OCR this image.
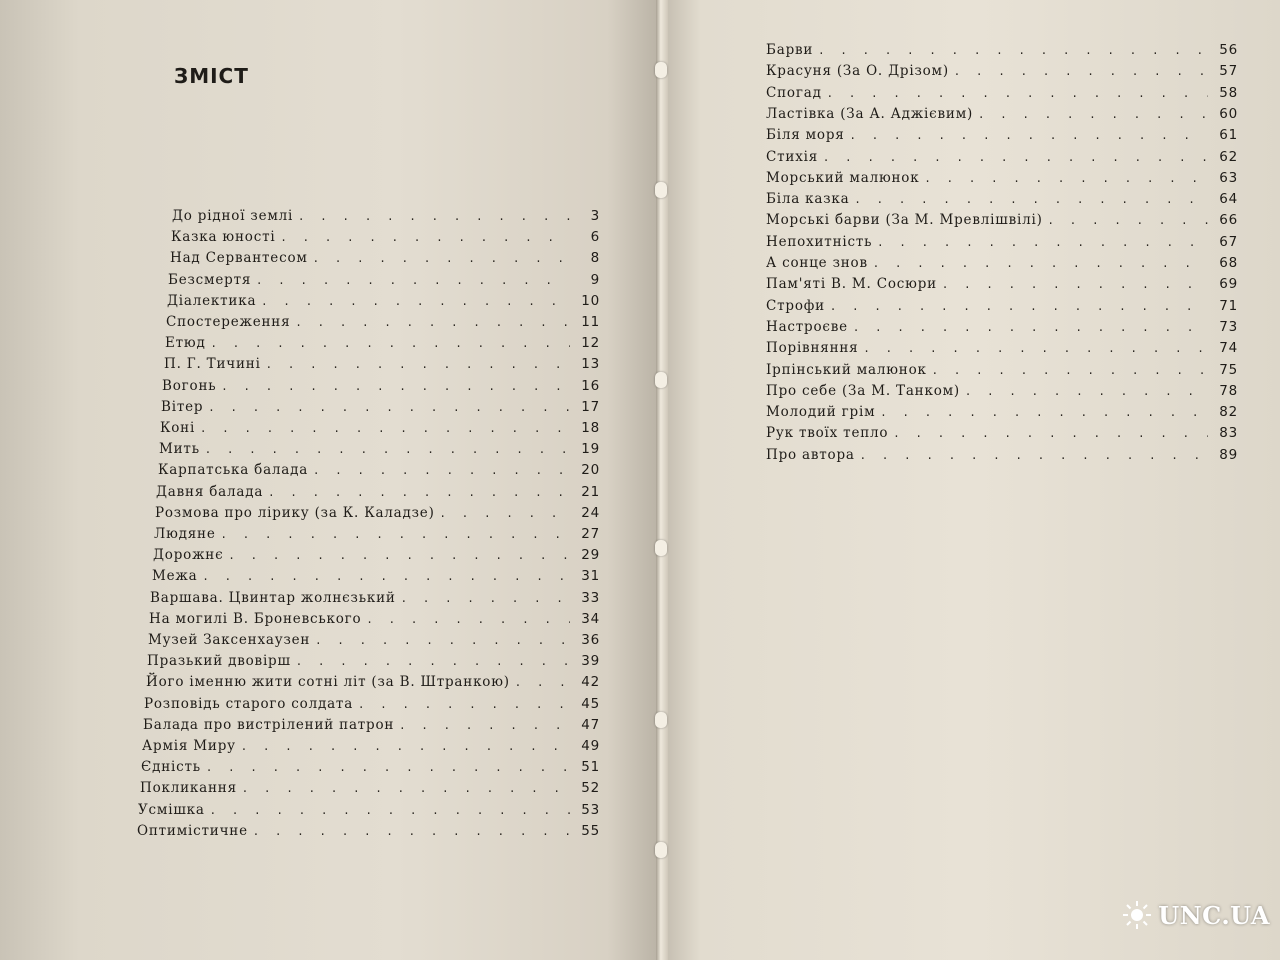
ЗМІСТ
До рідної землі . . .	3
Казка юності . . .	6
Над Сервантесом . . .	8
Безсмертя . . .	9
Діалектика . . .	10
Спостереження . . .	11
Етюд . . .	12
П. Г. Тичині . . .	13
Вогонь . . .	16
Вітер . . .	17
Коні . . .	18
Мить . . .	19
Карпатська балада . . .	20
Давня балада . . .	21
Розмова про лірику (за К. Каладзе) . . .	24
Людяне . . .	27
Дорожнє . . .	29
Межа . . .	31
Варшава. Цвинтар жолнєзький . . .	33
На могилі В. Броневського . . .	34
Музей Заксенхаузен . . .	36
Празький двовірш . . .	39
Його іменню жити сотні літ (за В. Штранкою) . . .	42
Розповідь старого солдата . . .	45
Балада про вистрілений патрон . . .	47
Армія Миру . . .	49
Єдність . . .	51
Покликання . . .	52
Усмішка . . .	53
Оптимістичне . . .	55
Барви . . .	56
Красуня (За О. Дрізом) . . .	57
Спогад . . .	58
Ластівка (За А. Аджієвим) . . .	60
Біля моря . . .	61
Стихія . . .	62
Морський малюнок . . .	63
Біла казка . . .	64
Морські барви (За М. Мревлішвілі) . . .	66
Непохитність . . .	67
А сонце знов . . .	68
Пам'яті В. М. Сосюри . . .	69
Строфи . . .	71
Настроєве . . .	73
Порівняння . . .	74
Ірпінський малюнок . . .	75
Про себе (За М. Танком) . . .	78
Молодий грім . . .	82
Рук твоїх тепло . . .	83
Про автора . . .	89
UNC.UA
